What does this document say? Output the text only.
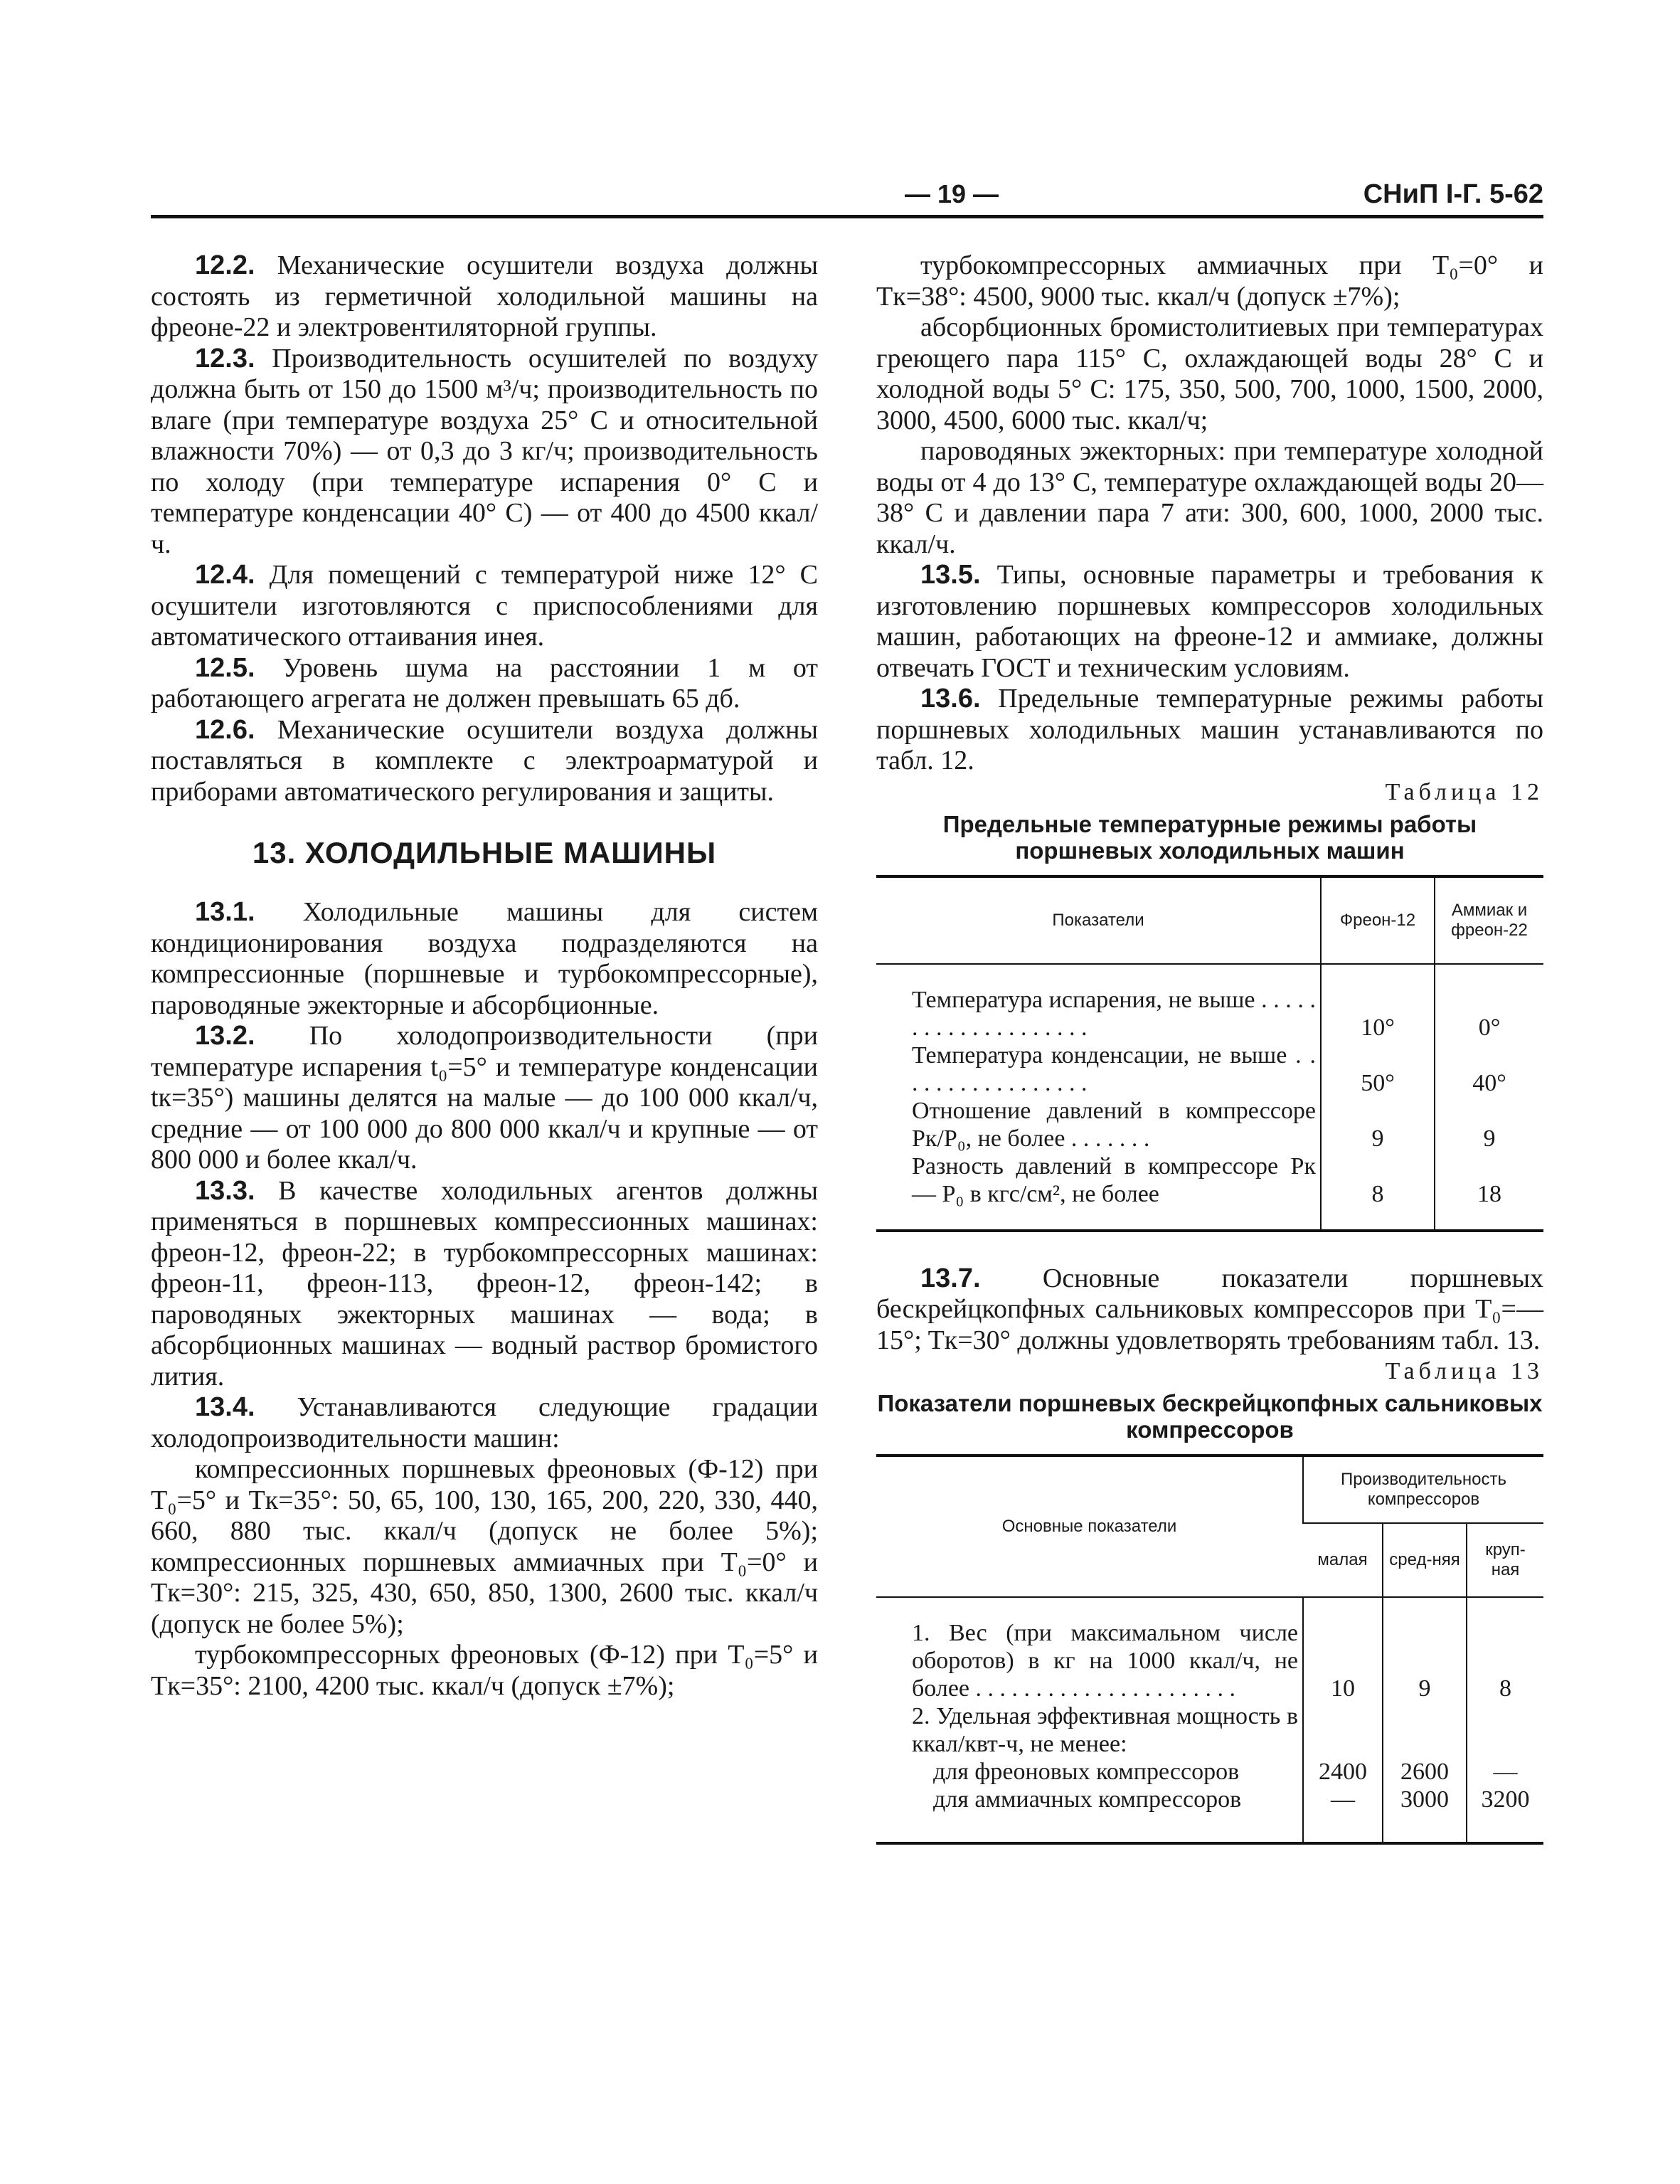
— 19 —	СНиП I-Г. 5-62

12.2. Механические осушители воздуха должны состоять из герметичной холодильной машины на фреоне-22 и электровентиляторной группы.

12.3. Производительность осушителей по воздуху должна быть от 150 до 1500 м³/ч; производительность по влаге (при температуре воздуха 25° С и относительной влажности 70%) — от 0,3 до 3 кг/ч; производительность по холоду (при температуре испарения 0° С и температуре конденсации 40° С) — от 400 до 4500 ккал/ч.

12.4. Для помещений с температурой ниже 12° С осушители изготовляются с приспособлениями для автоматического оттаивания инея.

12.5. Уровень шума на расстоянии 1 м от работающего агрегата не должен превышать 65 дб.

12.6. Механические осушители воздуха должны поставляться в комплекте с электроарматурой и приборами автоматического регулирования и защиты.

13. ХОЛОДИЛЬНЫЕ МАШИНЫ

13.1. Холодильные машины для систем кондиционирования воздуха подразделяются на компрессионные (поршневые и турбокомпрессорные), пароводяные эжекторные и абсорбционные.

13.2. По холодопроизводительности (при температуре испарения t₀=5° и температуре конденсации tк=35°) машины делятся на малые — до 100 000 ккал/ч, средние — от 100 000 до 800 000 ккал/ч и крупные — от 800 000 и более ккал/ч.

13.3. В качестве холодильных агентов должны применяться в поршневых компрессионных машинах: фреон-12, фреон-22; в турбокомпрессорных машинах: фреон-11, фреон-113, фреон-12, фреон-142; в пароводяных эжекторных машинах — вода; в абсорбционных машинах — водный раствор бромистого лития.

13.4. Устанавливаются следующие градации холодопроизводительности машин:

компрессионных поршневых фреоновых (Ф-12) при T₀=5° и Tк=35°: 50, 65, 100, 130, 165, 200, 220, 330, 440, 660, 880 тыс. ккал/ч (допуск не более 5%); компрессионных поршневых аммиачных при T₀=0° и Tк=30°: 215, 325, 430, 650, 850, 1300, 2600 тыс. ккал/ч (допуск не более 5%);

турбокомпрессорных фреоновых (Ф-12) при T₀=5° и Tк=35°: 2100, 4200 тыс. ккал/ч (допуск ±7%);

турбокомпрессорных аммиачных при T₀=0° и Tк=38°: 4500, 9000 тыс. ккал/ч (допуск ±7%);

абсорбционных бромистолитиевых при температурах греющего пара 115° С, охлаждающей воды 28° С и холодной воды 5° С: 175, 350, 500, 700, 1000, 1500, 2000, 3000, 4500, 6000 тыс. ккал/ч;

пароводяных эжекторных: при температуре холодной воды от 4 до 13° С, температуре охлаждающей воды 20—38° С и давлении пара 7 ати: 300, 600, 1000, 2000 тыс. ккал/ч.

13.5. Типы, основные параметры и требования к изготовлению поршневых компрессоров холодильных машин, работающих на фреоне-12 и аммиаке, должны отвечать ГОСТ и техническим условиям.

13.6. Предельные температурные режимы работы поршневых холодильных машин устанавливаются по табл. 12.

Таблица 12
Предельные температурные режимы работы поршневых холодильных машин
Показатели	Фреон-12	Аммиак и фреон-22

Температура испарения, не выше . . . . . . . . . . . . . . . . . . . .	10°	0°
Температура конденсации, не выше . . . . . . . . . . . . . . . . .	50°	40°
Отношение давлений в компрессоре Pк/P₀, не более . . . . . . .	9	9
Разность давлений в компрессоре Pк — P₀ в кгс/см², не более	8	18

13.7. Основные показатели поршневых бескрейцкопфных сальниковых компрессоров при T₀=— 15°; Tк=30° должны удовлетворять требованиям табл. 13.

Таблица 13
Показатели поршневых бескрейцкопфных сальниковых компрессоров
Основные показатели	Производительность компрессоров		
	малая	сред-няя	круп-ная

1. Вес (при максимальном числе оборотов) в кг на 1000 ккал/ч, не более . . . . . . . . . . . . . . . . . . . . . .	10	9	8
2. Удельная эффективная мощность в ккал/квт-ч, не менее:			
для фреоновых компрессоров	2400	2600	—
для аммиачных компрессоров	—	3000	3200
